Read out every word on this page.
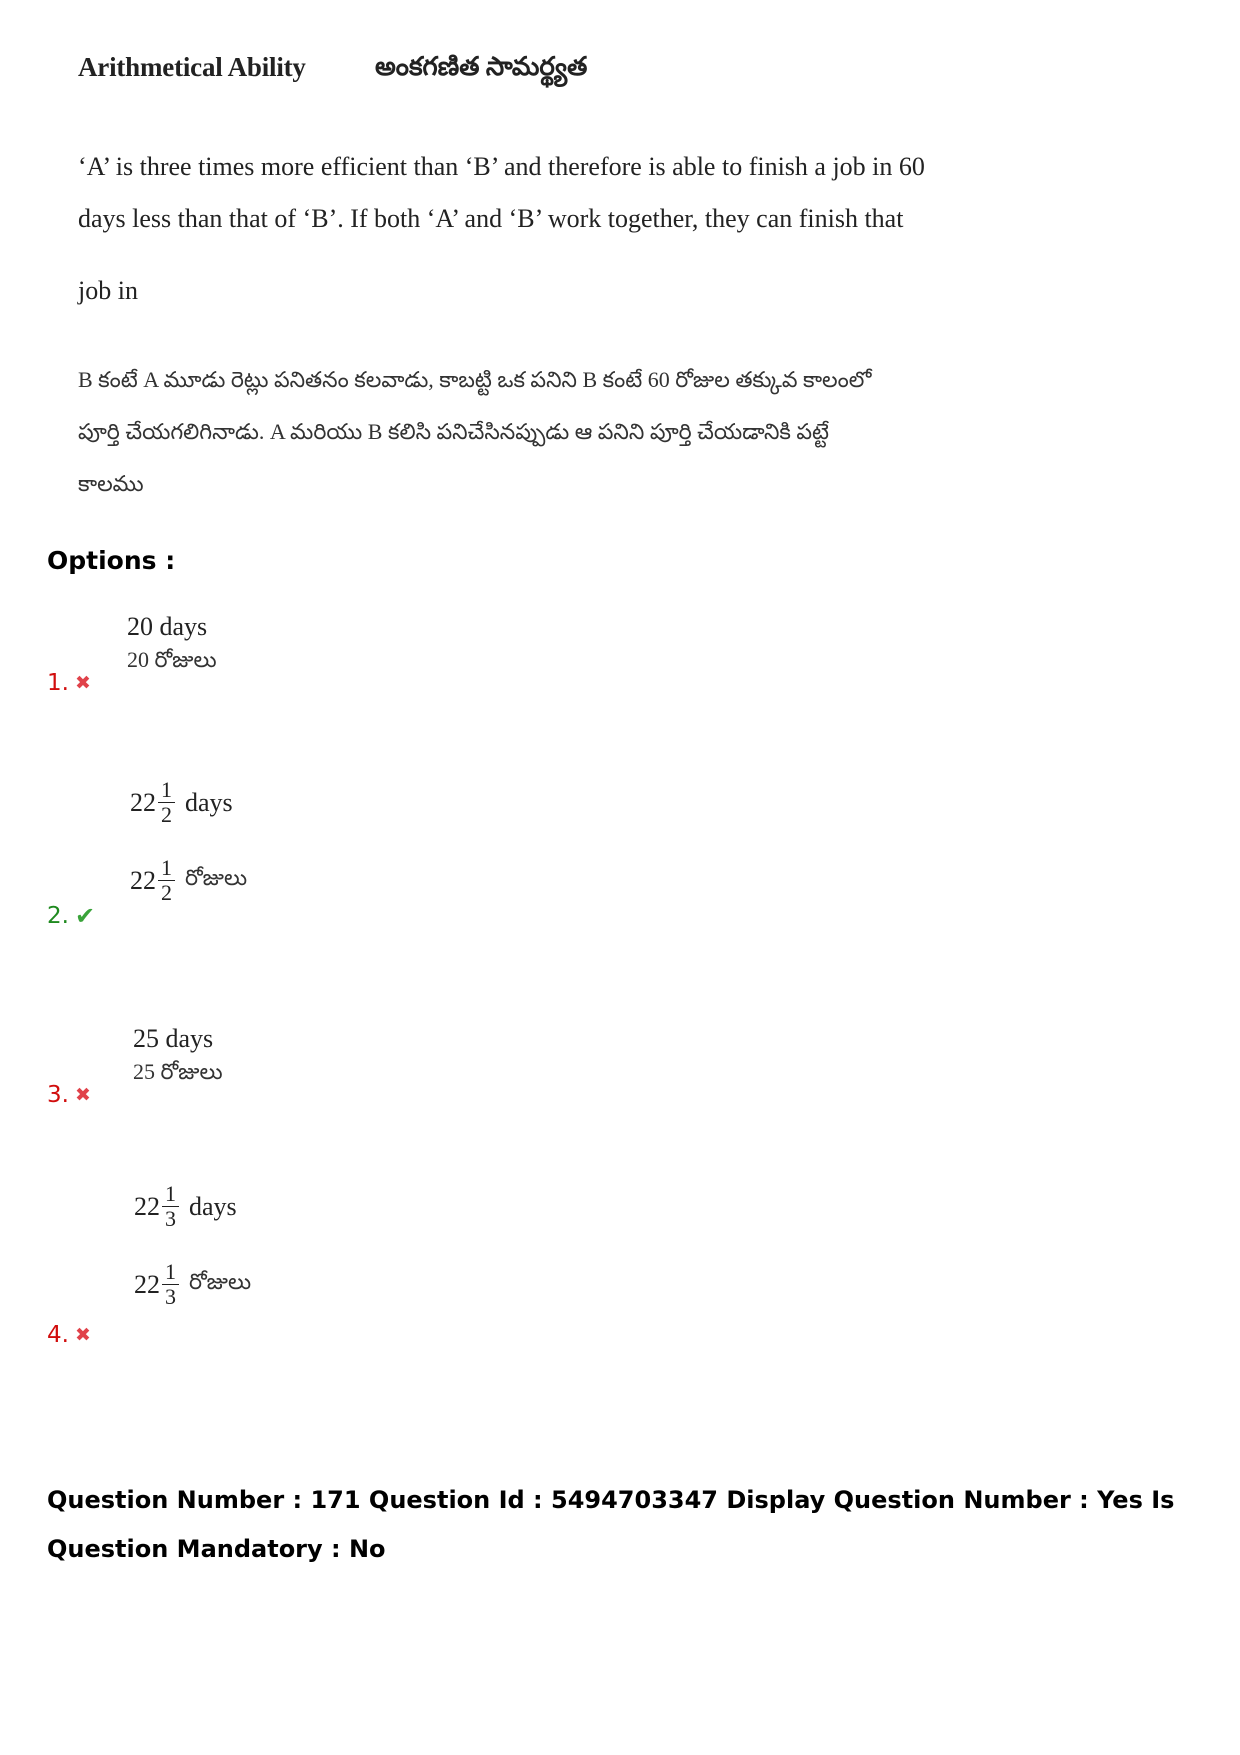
Arithmetical Ability	అంకగణిత సామర్థ్యత
‘A’ is three times more efficient than ‘B’ and therefore is able to finish a job in 60
days less than that of ‘B’. If both ‘A’ and ‘B’ work together, they can finish that
job in
B కంటే A మూడు రెట్లు పనితనం కలవాడు, కాబట్టి ఒక పనిని B కంటే 60 రోజుల తక్కువ కాలంలో
పూర్తి చేయగలిగినాడు. A మరియు B కలిసి పనిచేసినప్పుడు ఆ పనిని పూర్తి చేయడానికి పట్టే
కాలము
Options :
20 days
20 రోజులు
1. ✖
$22 \frac{1}{2}$ days
$22 \frac{1}{2}$ రోజులు
2. ✔
25 days
25 రోజులు
3. ✖
$22 \frac{1}{3}$ days
$22 \frac{1}{3}$ రోజులు
4. ✖
Question Number : 171 Question Id : 5494703347 Display Question Number : Yes Is Question Mandatory : No
